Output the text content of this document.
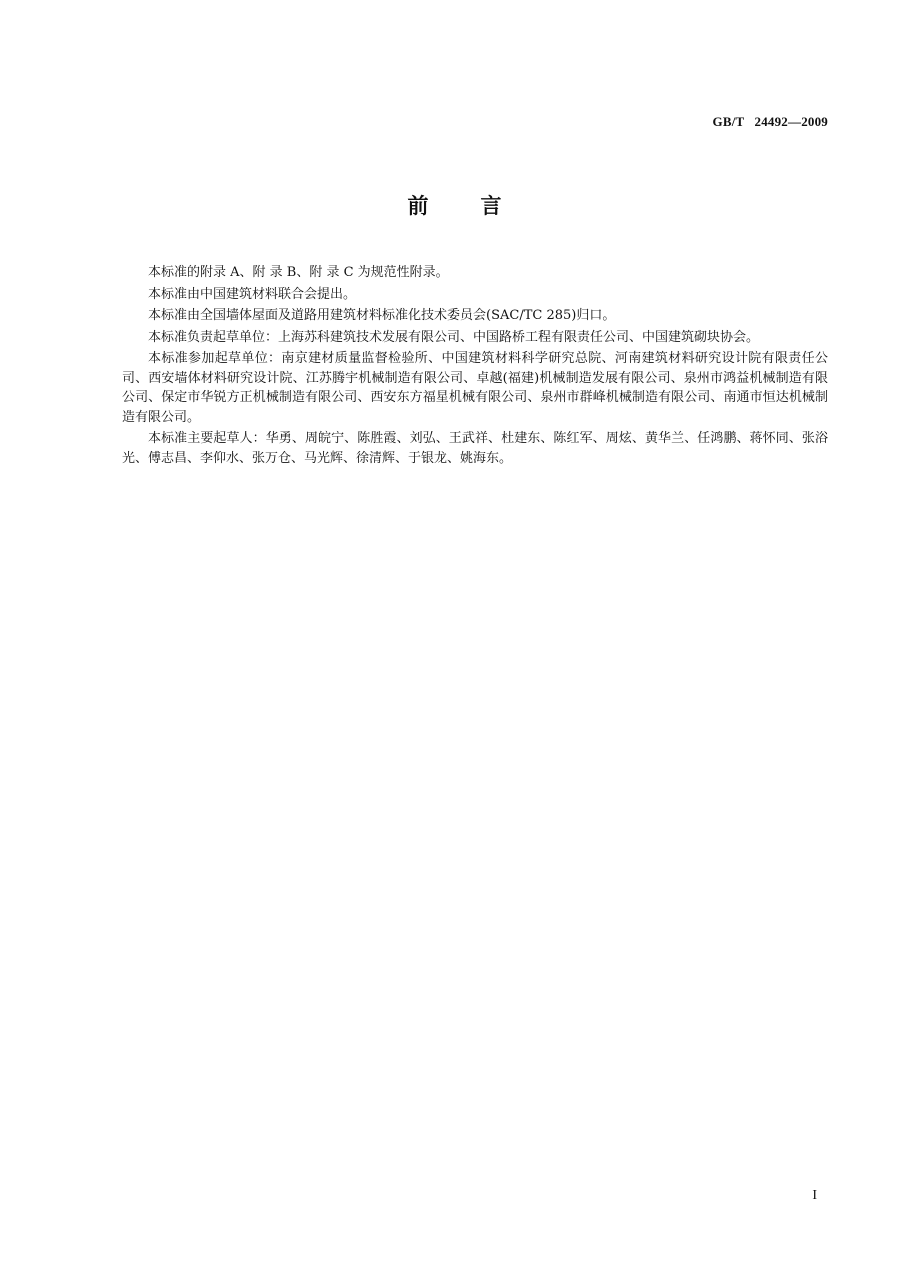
GB/T   24492—2009
前 言

本标准的附录 A、附 录 B、附 录 C 为规范性附录。

本标准由中国建筑材料联合会提出。

本标准由全国墙体屋面及道路用建筑材料标准化技术委员会(SAC/TC 285)归口。

本标准负责起草单位：上海苏科建筑技术发展有限公司、中国路桥工程有限责任公司、中国建筑砌块协会。

本标准参加起草单位：南京建材质量监督检验所、中国建筑材料科学研究总院、河南建筑材料研究设计院有限责任公司、西安墙体材料研究设计院、江苏腾宇机械制造有限公司、卓越(福建)机械制造发展有限公司、泉州市鸿益机械制造有限公司、保定市华锐方正机械制造有限公司、西安东方福星机械有限公司、泉州市群峰机械制造有限公司、南通市恒达机械制造有限公司。

本标准主要起草人：华勇、周皖宁、陈胜霞、刘弘、王武祥、杜建东、陈红军、周炫、黄华兰、任鸿鹏、蒋怀同、张浴光、傅志昌、李仰水、张万仓、马光辉、徐清辉、于银龙、姚海东。

I
